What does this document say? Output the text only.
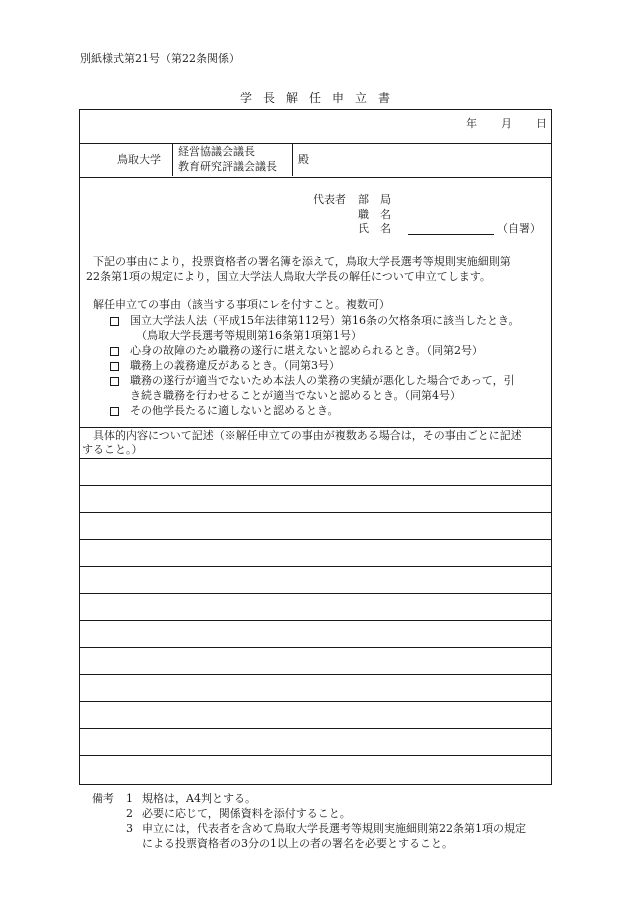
別紙様式第21号（第22条関係）
学長解任申立書
年 月 日
鳥取大学
経営協議会議長
教育研究評議会議長
殿
代表者 部　局
職　名
氏　名	（自署）
下記の事由により，投票資格者の署名簿を添えて，鳥取大学長選考等規則実施細則第
22条第1項の規定により，国立大学法人鳥取大学長の解任について申立てします。
解任申立ての事由（該当する事項にレを付すこと。複数可）
国立大学法人法（平成15年法律第112号）第16条の欠格条項に該当したとき。
（鳥取大学長選考等規則第16条第1項第1号）
心身の故障のため職務の遂行に堪えないと認められるとき。（同第2号）
職務上の義務違反があるとき。（同第3号）
職務の遂行が適当でないため本法人の業務の実績が悪化した場合であって，引
き続き職務を行わせることが適当でないと認めるとき。（同第4号）
その他学長たるに適しないと認めるとき。
具体的内容について記述（※解任申立ての事由が複数ある場合は，その事由ごとに記述
すること。）
備考 1 規格は，A4判とする。
2 必要に応じて，関係資料を添付すること。
3 申立には，代表者を含めて鳥取大学長選考等規則実施細則第22条第1項の規定
による投票資格者の3分の1以上の者の署名を必要とすること。
